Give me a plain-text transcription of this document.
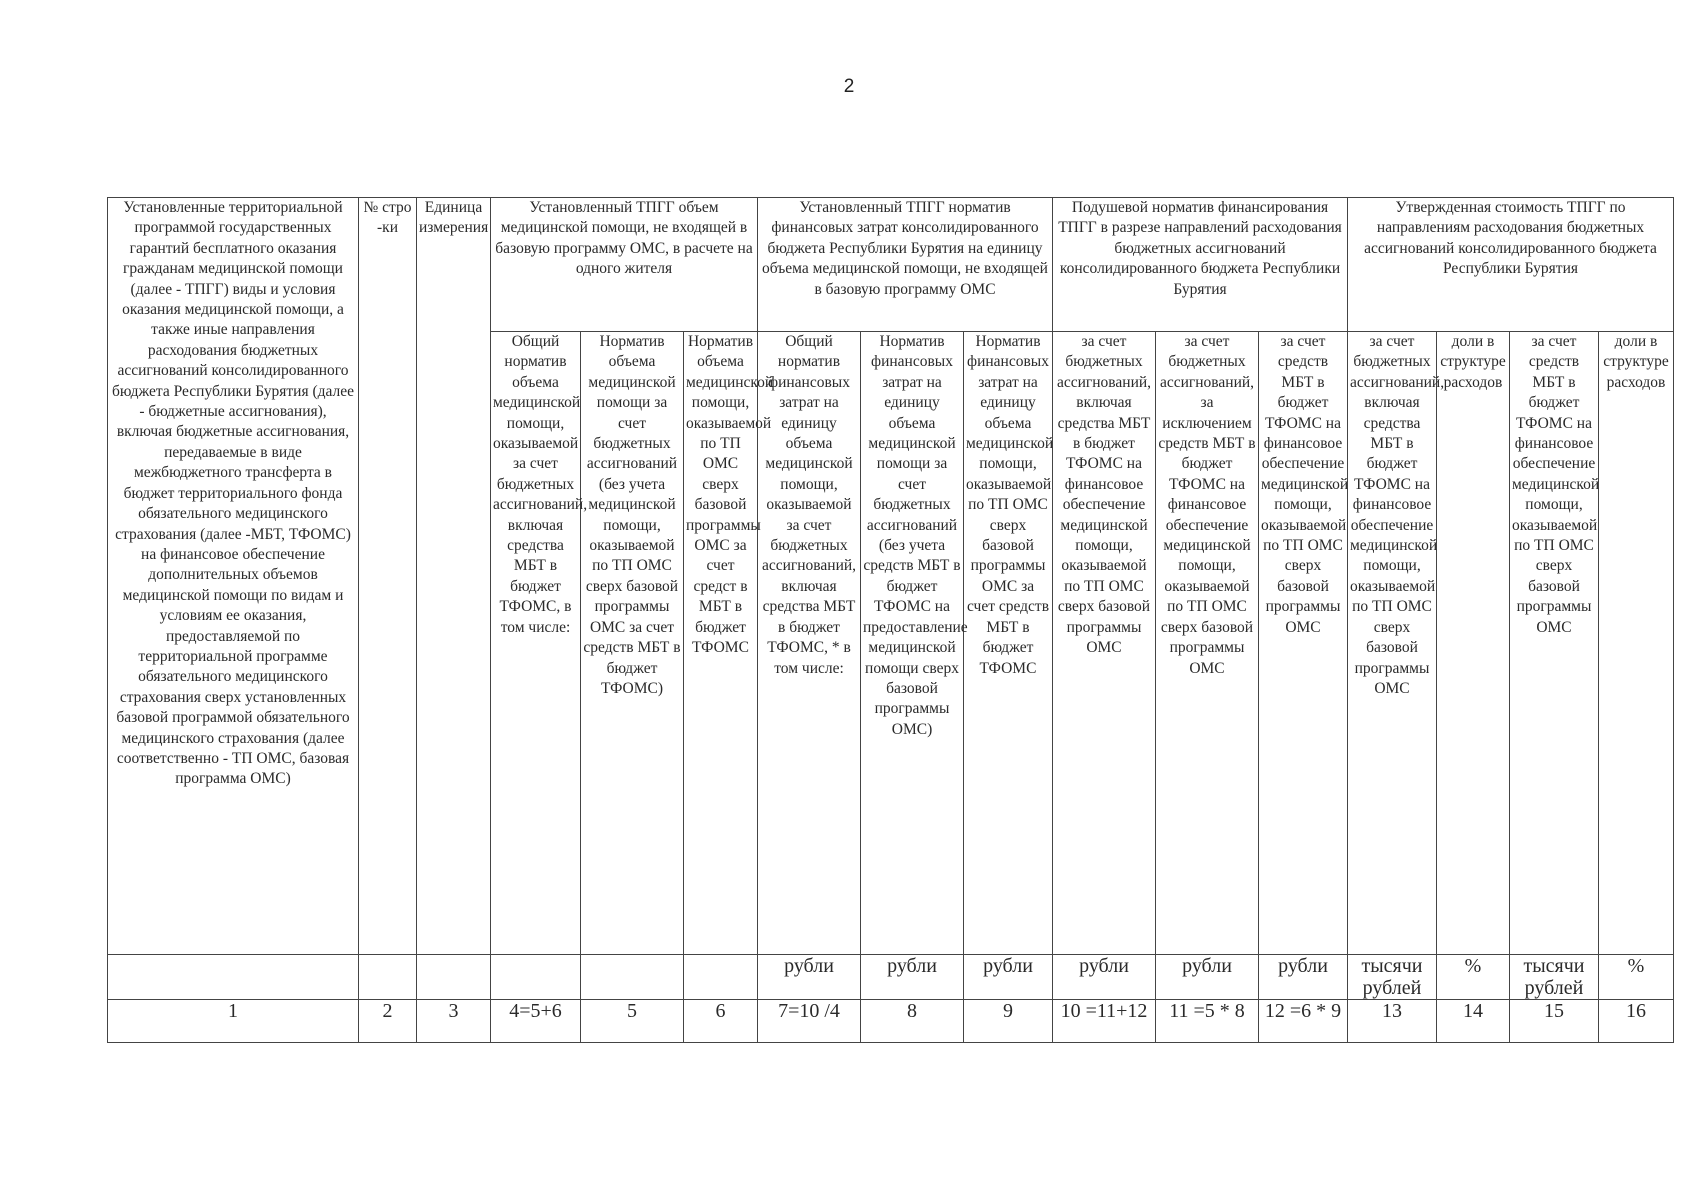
2
Установленные территориальной программой государственных гарантий бесплатного оказания гражданам медицинской помощи (далее - ТПГГ) виды и условия оказания медицинской помощи, а также иные направления расходования бюджетных ассигнований консолидированного бюджета Республики Бурятия (далее - бюджетные ассигнования), включая бюджетные ассигнования, передаваемые в виде межбюджетного трансферта в бюджет территориального фонда обязательного медицинского страхования (далее -МБТ, ТФОМС) на финансовое обеспечение дополнительных объемов медицинской помощи по видам и условиям ее оказания, предоставляемой по территориальной программе обязательного медицинского страхования сверх установленных базовой программой обязательного медицинского страхования (далее соответственно - ТП ОМС, базовая программа ОМС)	№ стро -ки	Единица измерения	Установленный ТПГГ объем медицинской помощи, не входящей в базовую программу ОМС, в расчете на одного жителя			Установленный ТПГГ норматив финансовых затрат консолидированного бюджета Республики Бурятия на единицу объема медицинской помощи, не входящей в базовую программу ОМС			Подушевой норматив финансирования ТПГГ в разрезе направлений расходования бюджетных ассигнований консолидированного бюджета Республики Бурятия			Утвержденная стоимость ТПГГ по направлениям расходования бюджетных ассигнований консолидированного бюджета Республики Бурятия			
			Общий норматив объема медицинской помощи, оказываемой за счет бюджетных ассигнований, включая средства МБТ в бюджет ТФОМС, в том числе:	Норматив объема медицинской помощи за счет бюджетных ассигнований (без учета медицинской помощи, оказываемой по ТП ОМС сверх базовой программы ОМС за счет средств МБТ в бюджет ТФОМС)	Норматив объема медицинской помощи, оказываемой по ТП ОМС сверх базовой программы ОМС за счет средст в МБТ в бюджет ТФОМС	Общий норматив финансовых затрат на единицу объема медицинской помощи, оказываемой за счет бюджетных ассигнований, включая средства МБТ в бюджет ТФОМС, * в том числе:	Норматив финансовых затрат на единицу объема медицинской помощи за счет бюджетных ассигнований (без учета средств МБТ в бюджет ТФОМС на предоставление медицинской помощи сверх базовой программы ОМС)	Норматив финансовых затрат на единицу объема медицинской помощи, оказываемой по ТП ОМС сверх базовой программы ОМС за счет средств МБТ в бюджет ТФОМС	за счет бюджетных ассигнований, включая средства МБТ в бюджет ТФОМС на финансовое обеспечение медицинской помощи, оказываемой по ТП ОМС сверх базовой программы ОМС	за счет бюджетных ассигнований, за исключением средств МБТ в бюджет ТФОМС на финансовое обеспечение медицинской помощи, оказываемой по ТП ОМС сверх базовой программы ОМС	за счет средств МБТ в бюджет ТФОМС на финансовое обеспечение медицинской помощи, оказываемой по ТП ОМС сверх базовой программы ОМС	за счет бюджетных ассигнований, включая средства МБТ в бюджет ТФОМС на финансовое обеспечение медицинской помощи, оказываемой по ТП ОМС сверх базовой программы ОМС	доли в структуре расходов	за счет средств МБТ в бюджет ТФОМС на финансовое обеспечение медицинской помощи, оказываемой по ТП ОМС сверх базовой программы ОМС	доли в структуре расходов
						рубли	рубли	рубли	рубли	рубли	рубли	тысячи рублей	%	тысячи рублей	%
1	2	3	4=5+6	5	6	7=10 /4	8	9	10 =11+12	11 =5 * 8	12 =6 * 9	13	14	15	16
